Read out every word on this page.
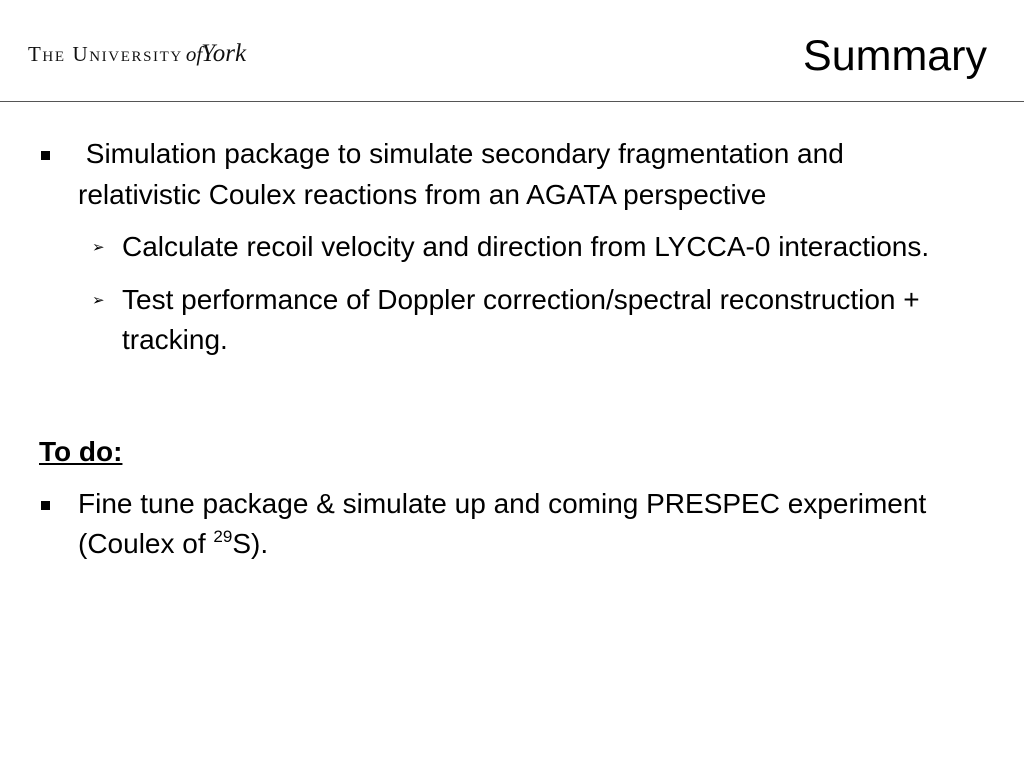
The University ofYork	Summary
Simulation package to simulate secondary fragmentation and relativistic Coulex reactions from an AGATA perspective
➢ Calculate recoil velocity and direction from LYCCA-0 interactions.
➢ Test performance of Doppler correction/spectral reconstruction + tracking.
To do:
Fine tune package & simulate up and coming PRESPEC experiment (Coulex of $^{29}$S).
